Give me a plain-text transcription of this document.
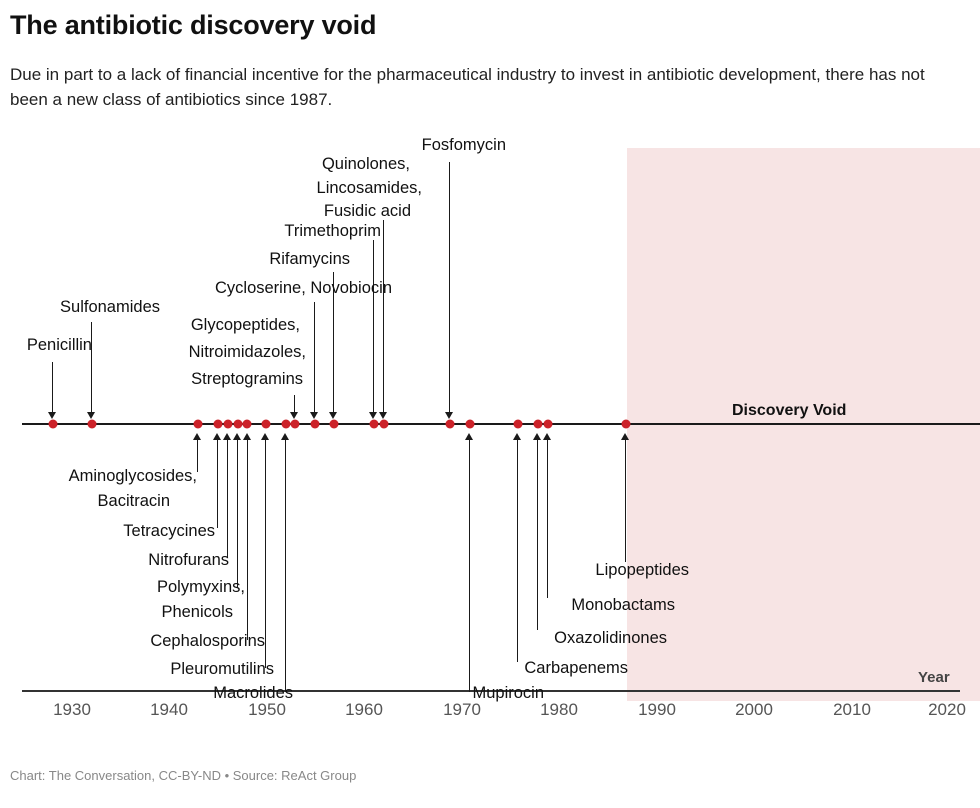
The antibiotic discovery void
Due in part to a lack of financial incentive for the pharmaceutical industry to invest in antibiotic development, there has not been a new class of antibiotics since 1987.
Discovery Void
Year
Penicillin
Sulfonamides
Glycopeptides,
Nitroimidazoles,
Streptogramins
Cycloserine, Novobiocin
Rifamycins
Trimethoprim
Fusidic acid
Lincosamides,
Quinolones,
Fosfomycin
Aminoglycosides,
Bacitracin
Tetracycines
Nitrofurans
Polymyxins,
Phenicols
Cephalosporins
Pleuromutilins
Macrolides	Mupirocin
Carbapenems
Oxazolidinones
Monobactams
Lipopeptides
1930	1940	1950	1960	1970	1980	1990	2000	2010	2020
Chart: The Conversation, CC-BY-ND • Source: ReAct Group
